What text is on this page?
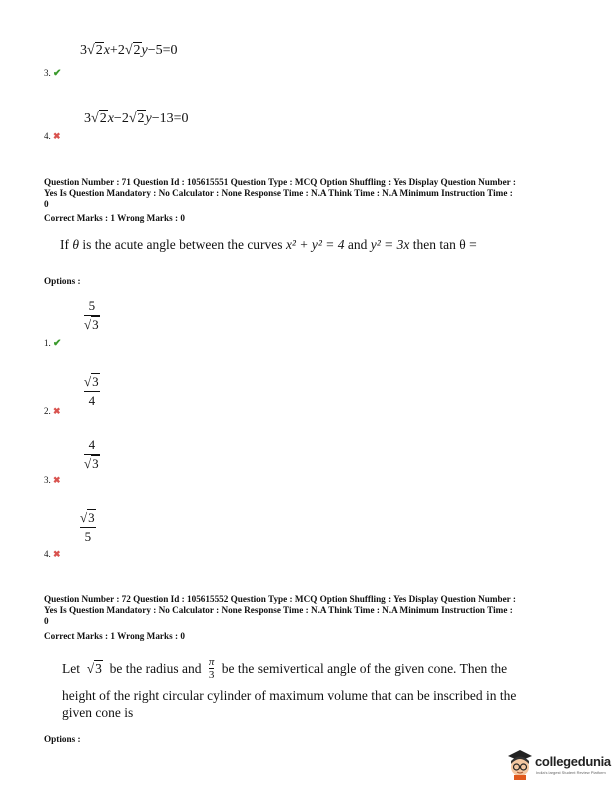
3√2x+2√2y−5=0
3. ✔
3√2x−2√2y−13=0
4. ✖
Question Number : 71 Question Id : 105615551 Question Type : MCQ Option Shuffling : Yes Display Question Number :
Yes Is Question Mandatory : No Calculator : None Response Time : N.A Think Time : N.A Minimum Instruction Time :
0
Correct Marks : 1 Wrong Marks : 0
If θ is the acute angle between the curves x² + y² = 4 and y² = 3x then tan θ =
Options :
5
√3
1. ✔
√3
4
2. ✖
4
√3
3. ✖
√3
5
4. ✖
Question Number : 72 Question Id : 105615552 Question Type : MCQ Option Shuffling : Yes Display Question Number :
Yes Is Question Mandatory : No Calculator : None Response Time : N.A Think Time : N.A Minimum Instruction Time :
0
Correct Marks : 1 Wrong Marks : 0
Let
√3
be the radius and
π
3
be the semivertical angle of the given cone. Then the
height of the right circular cylinder of maximum volume that can be inscribed in the
given cone is
Options :
collegedunia
India's largest Student Review Platform
